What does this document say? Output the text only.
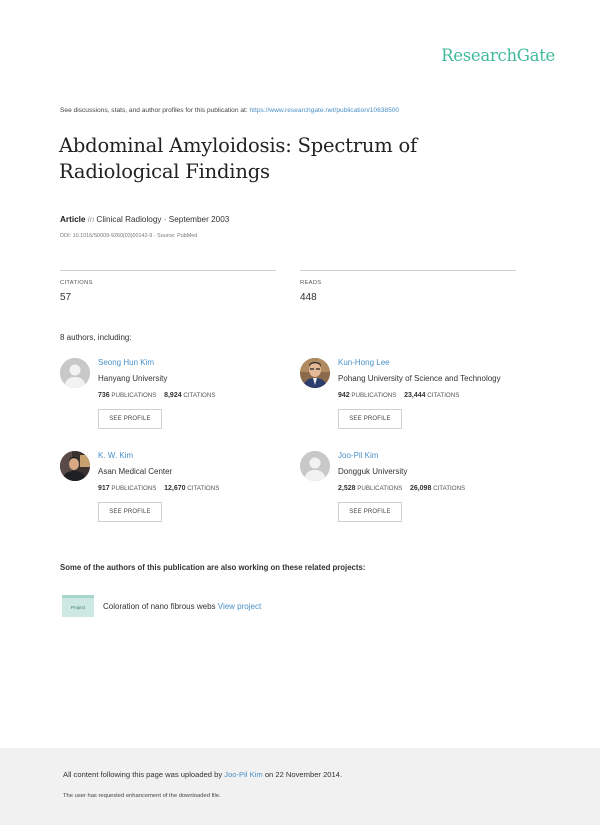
ResearchGate
See discussions, stats, and author profiles for this publication at: https://www.researchgate.net/publication/10638500
Abdominal Amyloidosis: Spectrum of
Radiological Findings
Article in Clinical Radiology · September 2003
DOI: 10.1016/S0009-9260(03)00142-9 · Source: PubMed
CITATIONS
57
READS
448
8 authors, including:
Seong Hun Kim
Hanyang University
736 PUBLICATIONS 8,924 CITATIONS
SEE PROFILE
Kun-Hong Lee
Pohang University of Science and Technology
942 PUBLICATIONS 23,444 CITATIONS
SEE PROFILE
K. W. Kim
Asan Medical Center
917 PUBLICATIONS 12,670 CITATIONS
SEE PROFILE
Joo-Pil Kim
Dongguk University
2,528 PUBLICATIONS 26,098 CITATIONS
SEE PROFILE
Some of the authors of this publication are also working on these related projects:
Project	Coloration of nano fibrous webs View project
All content following this page was uploaded by Joo-Pil Kim on 22 November 2014.
The user has requested enhancement of the downloaded file.
